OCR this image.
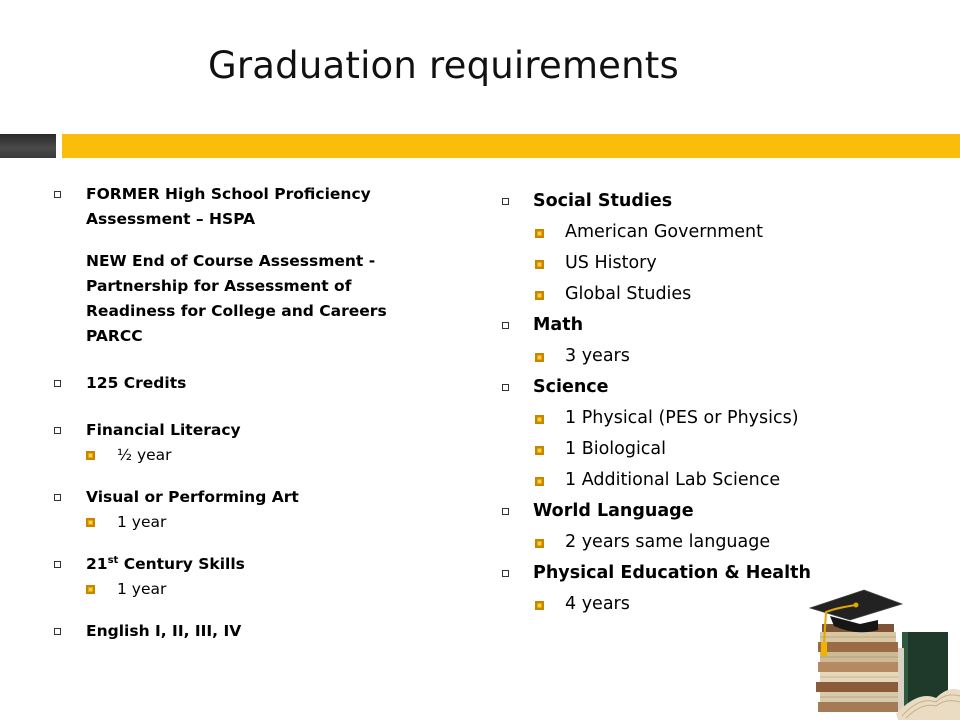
Graduation requirements
FORMER High School Proficiency Assessment – HSPA
NEW End of Course Assessment - Partnership for Assessment of Readiness for College and Careers PARCC
125 Credits
Financial Literacy
½ year
Visual or Performing Art
1 year
21st Century Skills
1 year
English I, II, III, IV
Social Studies
American Government
US History
Global Studies
Math
3 years
Science
1 Physical (PES or Physics)
1 Biological
1 Additional Lab Science
World Language
2 years same language
Physical Education & Health
4 years
